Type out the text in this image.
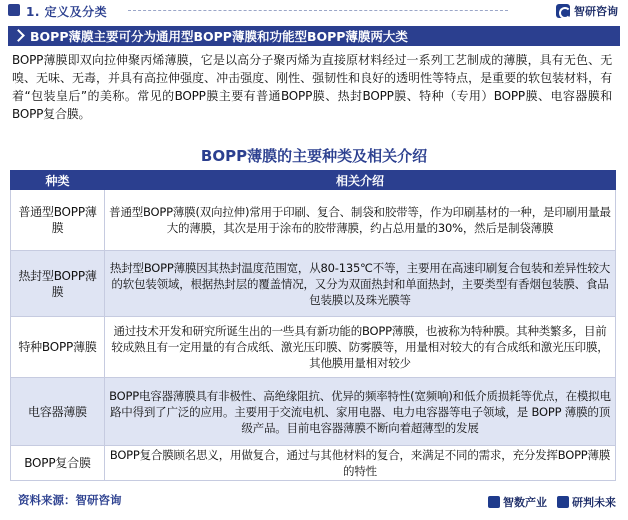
1. 定义及分类	智研咨询
BOPP薄膜主要可分为通用型BOPP薄膜和功能型BOPP薄膜两大类

BOPP薄膜即双向拉伸聚丙烯薄膜，它是以高分子聚丙烯为直接原材料经过一系列工艺制成的薄膜，具有无色、无嗅、无味、无毒，并具有高拉伸强度、冲击强度、刚性、强韧性和良好的透明性等特点，是重要的软包装材料，有着“包装皇后”的美称。常见的BOPP膜主要有普通BOPP膜、热封BOPP膜、特种（专用）BOPP膜、电容器膜和BOPP复合膜。

BOPP薄膜的主要种类及相关介绍
种类	相关介绍
普通型BOPP薄膜	普通型BOPP薄膜(双向拉伸)常用于印刷、复合、制袋和胶带等，作为印刷基材的一种，是印刷用量最大的薄膜，其次是用于涂布的胶带薄膜，约占总用量的30%，然后是制袋薄膜
热封型BOPP薄膜	热封型BOPP薄膜因其热封温度范围宽，从80-135℃不等，主要用在高速印刷复合包装和差异性较大的软包装领域，根据热封层的覆盖情况，又分为双面热封和单面热封，主要类型有香烟包装膜、食品包装膜以及珠光膜等
特种BOPP薄膜	通过技术开发和研究所诞生出的一些具有新功能的BOPP薄膜，也被称为特种膜。其种类繁多，目前较成熟且有一定用量的有合成纸、激光压印膜、防雾膜等，用量相对较大的有合成纸和激光压印膜，其他膜用量相对较少
电容器薄膜	BOPP电容器薄膜具有非极性、高绝缘阻抗、优异的频率特性(宽频响)和低介质损耗等优点，在模拟电路中得到了广泛的应用。主要用于交流电机、家用电器、电力电容器等电子领域，是 BOPP 薄膜的顶级产品。目前电容器薄膜不断向着超薄型的发展
BOPP复合膜	BOPP复合膜顾名思义，用做复合，通过与其他材料的复合，来满足不同的需求，充分发挥BOPP薄膜的特性
资料来源：智研咨询	智数产业 研判未来
